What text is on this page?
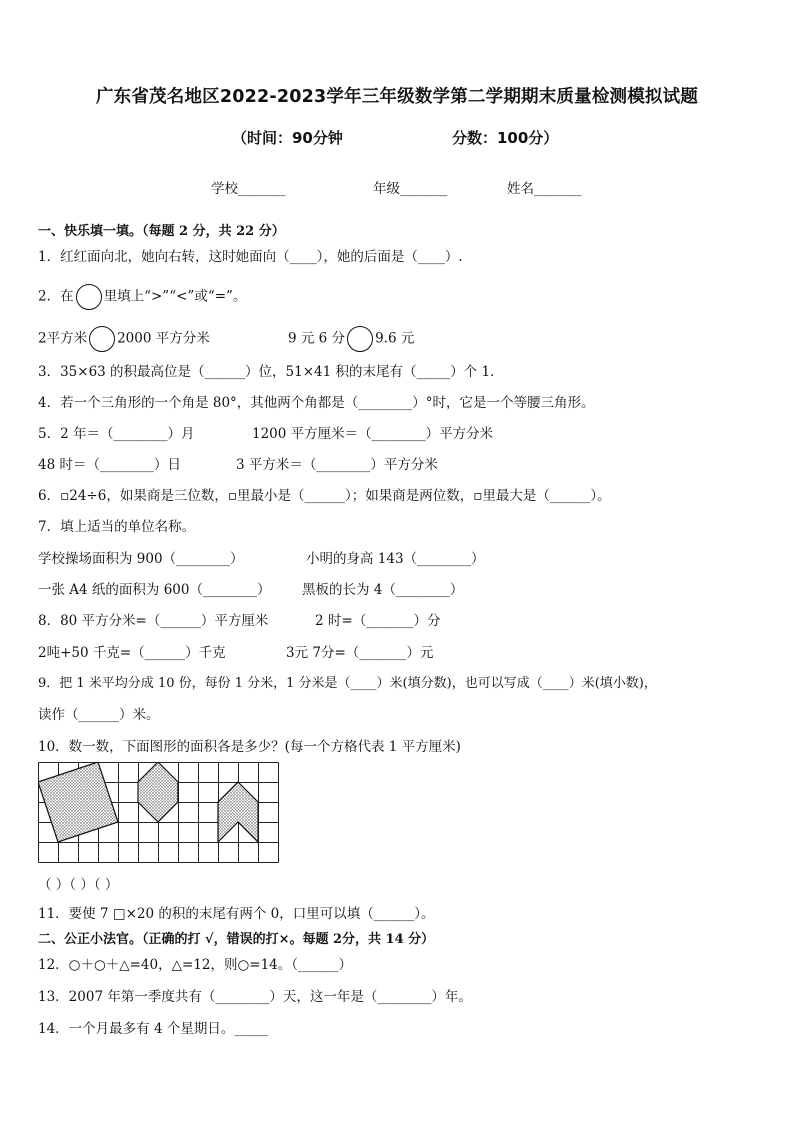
广东省茂名地区2022-2023学年三年级数学第二学期期末质量检测模拟试题
（时间：90分钟	分数：100分）
学校_______	年级_______	姓名_______
一、快乐填一填。（每题 2 分，共 22 分）
1．红红面向北，她向右转，这时她面向（____），她的后面是（____）.
2．在 里填上“>”“<”或“=”。
2平方米 2000 平方分米	9 元 6 分 9.6 元
3．35×63 的积最高位是（______）位，51×41 积的末尾有（_____）个 1．
4．若一个三角形的一个角是 80°，其他两个角都是（________）°时，它是一个等腰三角形。
5．2 年＝（________）月	1200 平方厘米＝（________）平方分米
48 时＝（________）日	3 平方米＝（________）平方分米
6．▫24÷6，如果商是三位数，▫里最小是（______）；如果商是两位数，▫里最大是（______）。
7．填上适当的单位名称。
学校操场面积为 900（________）	小明的身高 143（________）
一张 A4 纸的面积为 600（________） 黑板的长为 4（________）
8．80 平方分米=（______）平方厘米	2 时=（_______）分
2吨+50 千克=（______）千克	3元 7分=（_______）元
9．把 1 米平均分成 10 份，每份 1 分米，1 分米是（____）米(填分数)，也可以写成（____）米(填小数)，
读作（______）米。
10．数一数，下面图形的面积各是多少？(每一个方格代表 1 平方厘米)
（ ）（ ）（ ）
11．要使 7 □×20 的积的末尾有两个 0，口里可以填（______）。
二、公正小法官。（正确的打 √，错误的打×。每题 2分，共 14 分）
12．○＋○＋△=40，△=12，则○=14。（______）
13．2007 年第一季度共有（________）天，这一年是（________）年。
14．一个月最多有 4 个星期日。_____
